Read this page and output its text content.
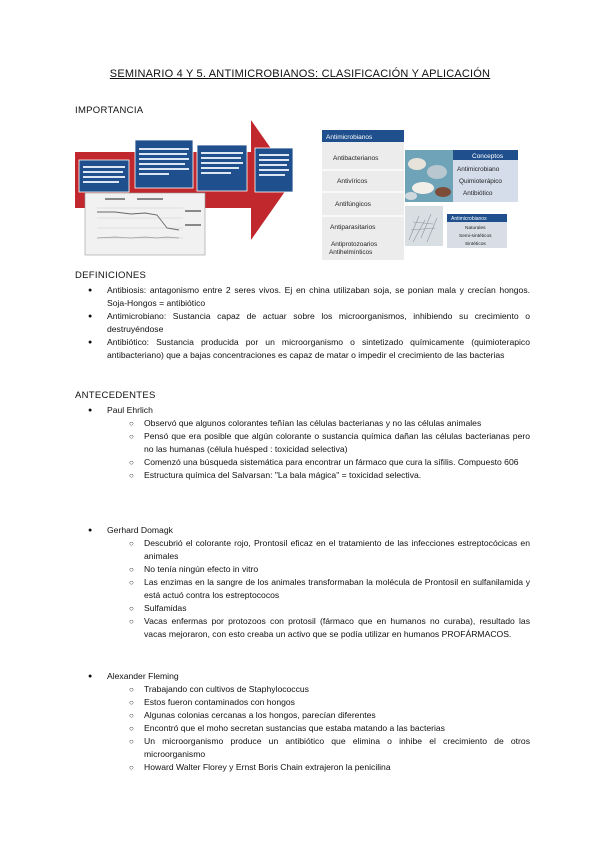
SEMINARIO 4 Y 5. ANTIMICROBIANOS: CLASIFICACIÓN Y APLICACIÓN
IMPORTANCIA
Antimicrobianos
Antibacterianos
Antivíricos
Antifúngicos
Antiparasitarios
Antiprotozoarios Antihelmínticos
Conceptos
Antimicrobiano
Quimioterápico
Antibiótico
Antimicrobianos
Naturales
Semi-sintéticos
Sintéticos
DEFINICIONES
● Antibiosis: antagonismo entre 2 seres vivos. Ej en china utilizaban soja, se ponian mala y crecían hongos. Soja-Hongos = antibiótico
● Antimicrobiano: Sustancia capaz de actuar sobre los microorganismos, inhibiendo su crecimiento o destruyéndose
● Antibiótico: Sustancia producida por un microorganismo o sintetizado químicamente (quimioterapico antibacteriano) que a bajas concentraciones es capaz de matar o impedir el crecimiento de las bacterias
ANTECEDENTES
● Paul Ehrlich
○ Observó que algunos colorantes teñían las células bacterianas y no las células animales
○ Pensó que era posible que algún colorante o sustancia química dañan las células bacterianas pero no las humanas (célula huésped : toxicidad selectiva)
○ Comenzó una búsqueda sistemática para encontrar un fármaco que cura la sífilis. Compuesto 606
○ Estructura química del Salvarsan: "La bala mágica" = toxicidad selectiva.
● Gerhard Domagk
○ Descubrió el colorante rojo, Prontosil eficaz en el tratamiento de las infecciones estreptocócicas en animales
○ No tenía ningún efecto in vitro
○ Las enzimas en la sangre de los animales transformaban la molécula de Prontosil en sulfanilamida y está actuó contra los estreptococos
○ Sulfamidas
○ Vacas enfermas por protozoos con protosil (fármaco que en humanos no curaba), resultado las vacas mejoraron, con esto creaba un activo que se podía utilizar en humanos PROFÁRMACOS.
● Alexander Fleming
○ Trabajando con cultivos de Staphylococcus
○ Estos fueron contaminados con hongos
○ Algunas colonias cercanas a los hongos, parecían diferentes
○ Encontró que el moho secretan sustancias que estaba matando a las bacterias
○ Un microorganismo produce un antibiótico que elimina o inhibe el crecimiento de otros microorganismo
○ Howard Walter Florey y Ernst Boris Chain extrajeron la penicilina
